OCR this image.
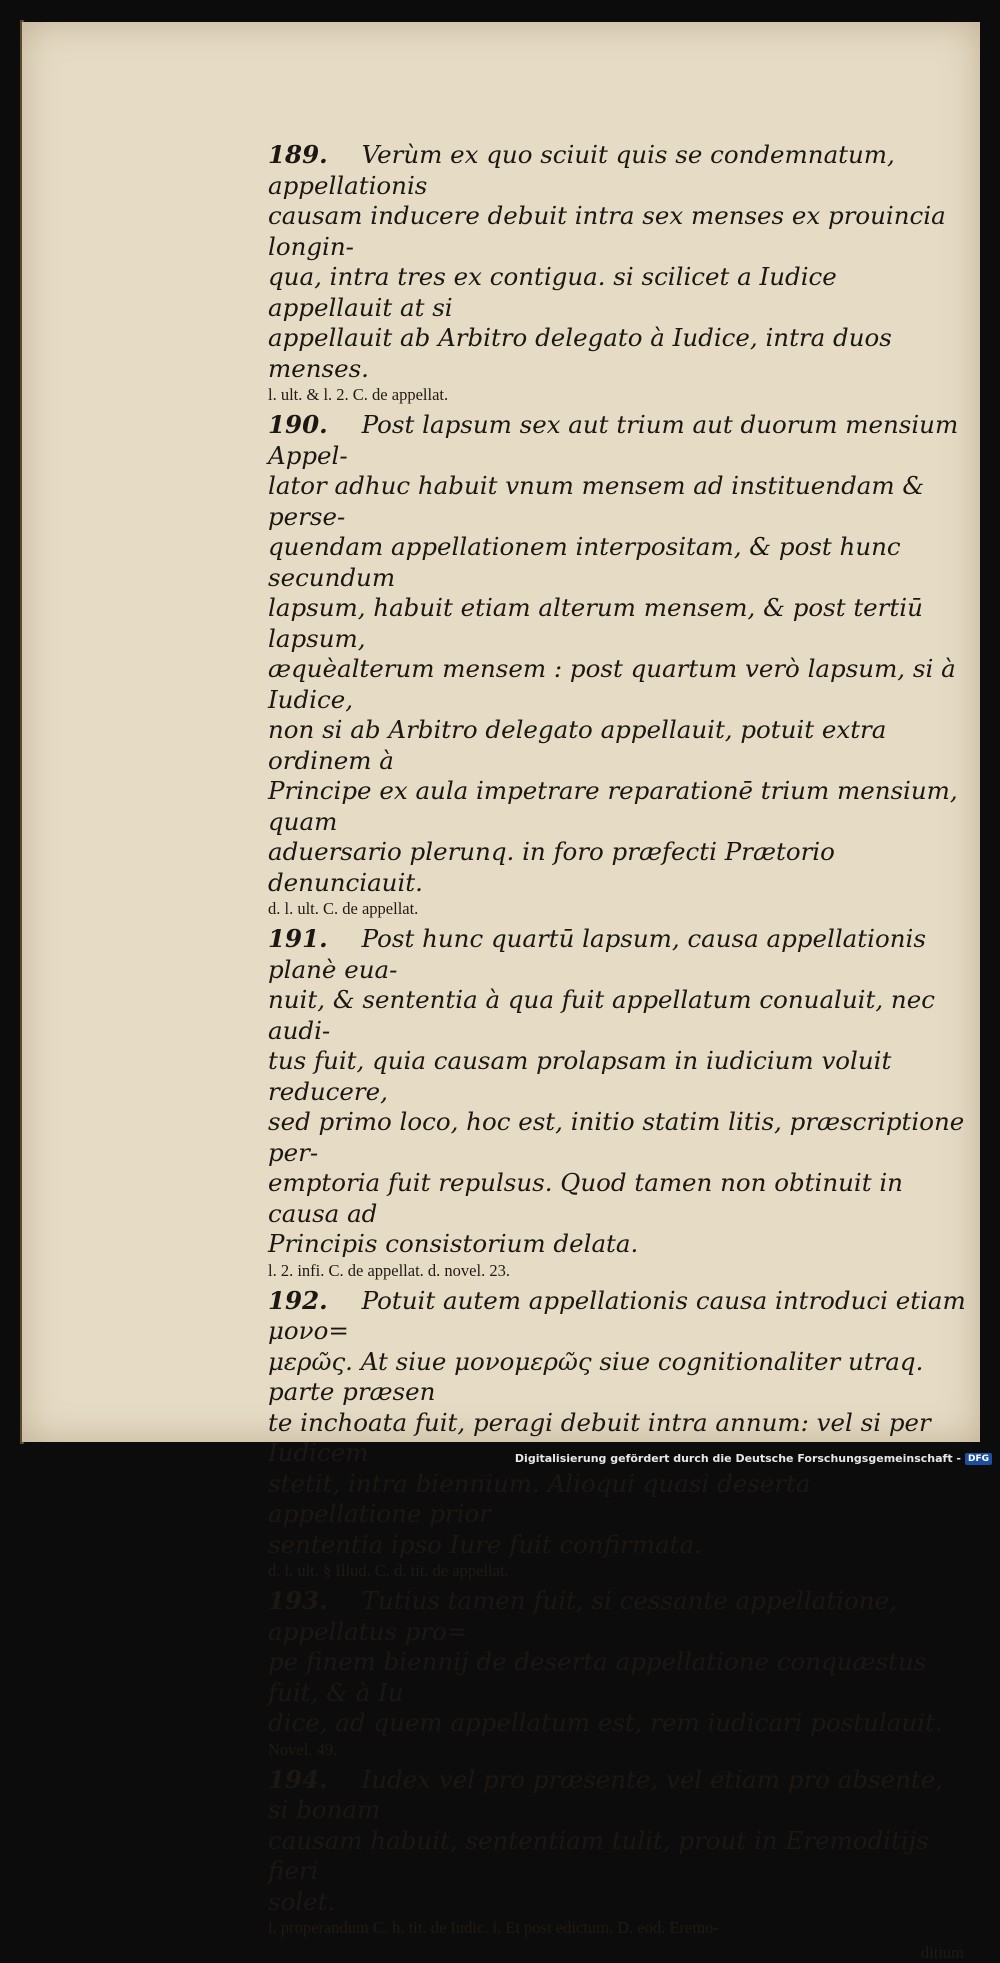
189. Verùm ex quo sciuit quis se condemnatum, appellationis
causam inducere debuit intra sex menses ex prouincia longin-
qua, intra tres ex contigua. si scilicet a Iudice appellauit at si
appellauit ab Arbitro delegato à Iudice, intra duos menses.
l. ult. & l. 2. C. de appellat.
190. Post lapsum sex aut trium aut duorum mensium Appel-
lator adhuc habuit vnum mensem ad instituendam & perse-
quendam appellationem interpositam, & post hunc secundum
lapsum, habuit etiam alterum mensem, & post tertiū lapsum,
æquèalterum mensem : post quartum verò lapsum, si à Iudice,
non si ab Arbitro delegato appellauit, potuit extra ordinem à
Principe ex aula impetrare reparationē trium mensium, quam
aduersario plerunq. in foro præfecti Prætorio denunciauit.
d. l. ult. C. de appellat.
191. Post hunc quartū lapsum, causa appellationis planè eua-
nuit, & sententia à qua fuit appellatum conualuit, nec audi-
tus fuit, quia causam prolapsam in iudicium voluit reducere,
sed primo loco, hoc est, initio statim litis, præscriptione per-
emptoria fuit repulsus. Quod tamen non obtinuit in causa ad
Principis consistorium delata.
l. 2. infi. C. de appellat. d. novel. 23.
192. Potuit autem appellationis causa introduci etiam μονο=
μερῶς. At siue μονομερῶς siue cognitionaliter utraq. parte præsen
te inchoata fuit, peragi debuit intra annum: vel si per Iudicem
stetit, intra biennium. Alioqui quasi deserta appellatione prior
sententia ipso Iure fuit confirmata.
d. l. ult. § Illud. C. d. tit. de appellat.
193. Tutius tamen fuit, si cessante appellatione, appellatus pro=
pe finem biennij de deserta appellatione conquæstus fuit, & à Iu
dice, ad quem appellatum est, rem iudicari postulauit.
Novel. 49.
194. Iudex vel pro præsente, vel etiam pro absente, si bonam
causam habuit, sententiam tulit, prout in Eremoditijs fieri
solet.
l. properandum C. h. tit. de Iudic. l. Et post edictum. D. eod. Eremo-
ditium
Digitalisierung gefördert durch die Deutsche Forschungsgemeinschaft - DFG
